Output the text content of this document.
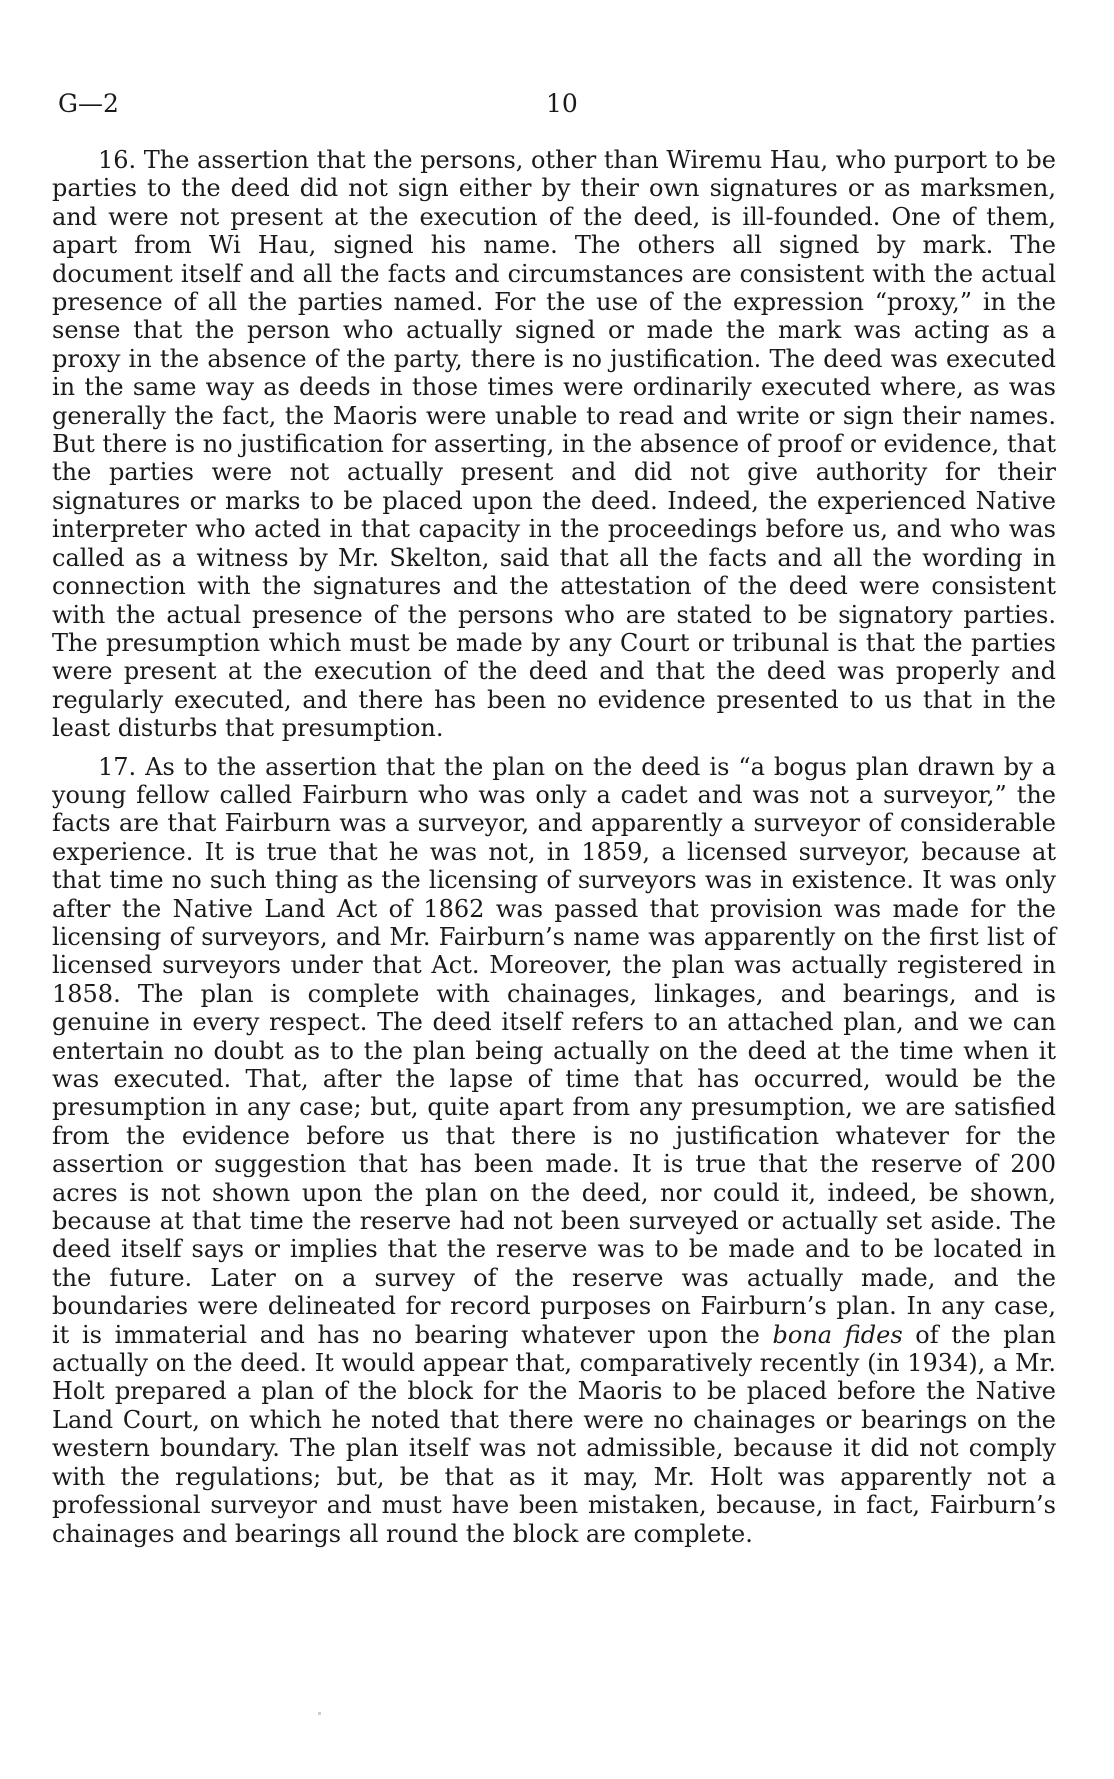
G—2	10

16. The assertion that the persons, other than Wiremu Hau, who purport to be parties to the deed did not sign either by their own signatures or as marksmen, and were not present at the execution of the deed, is ill-founded. One of them, apart from Wi Hau, signed his name. The others all signed by mark. The document itself and all the facts and circumstances are consistent with the actual presence of all the parties named. For the use of the expression “proxy,” in the sense that the person who actually signed or made the mark was acting as a proxy in the absence of the party, there is no justification. The deed was executed in the same way as deeds in those times were ordinarily executed where, as was generally the fact, the Maoris were unable to read and write or sign their names. But there is no justification for asserting, in the absence of proof or evidence, that the parties were not actually present and did not give authority for their signatures or marks to be placed upon the deed. Indeed, the experienced Native interpreter who acted in that capacity in the proceedings before us, and who was called as a witness by Mr. Skelton, said that all the facts and all the wording in connection with the signatures and the attestation of the deed were consistent with the actual presence of the persons who are stated to be signatory parties. The presumption which must be made by any Court or tribunal is that the parties were present at the execution of the deed and that the deed was properly and regularly executed, and there has been no evidence presented to us that in the least disturbs that presumption.

17. As to the assertion that the plan on the deed is “a bogus plan drawn by a young fellow called Fairburn who was only a cadet and was not a surveyor,” the facts are that Fairburn was a surveyor, and apparently a surveyor of considerable experience. It is true that he was not, in 1859, a licensed surveyor, because at that time no such thing as the licensing of surveyors was in existence. It was only after the Native Land Act of 1862 was passed that provision was made for the licensing of surveyors, and Mr. Fairburn’s name was apparently on the first list of licensed surveyors under that Act. Moreover, the plan was actually registered in 1858. The plan is complete with chainages, linkages, and bearings, and is genuine in every respect. The deed itself refers to an attached plan, and we can entertain no doubt as to the plan being actually on the deed at the time when it was executed. That, after the lapse of time that has occurred, would be the presumption in any case; but, quite apart from any presumption, we are satisfied from the evidence before us that there is no justification whatever for the assertion or suggestion that has been made. It is true that the reserve of 200 acres is not shown upon the plan on the deed, nor could it, indeed, be shown, because at that time the reserve had not been surveyed or actually set aside. The deed itself says or implies that the reserve was to be made and to be located in the future. Later on a survey of the reserve was actually made, and the boundaries were delineated for record purposes on Fairburn’s plan. In any case, it is immaterial and has no bearing whatever upon the bona fides of the plan actually on the deed. It would appear that, comparatively recently (in 1934), a Mr. Holt prepared a plan of the block for the Maoris to be placed before the Native Land Court, on which he noted that there were no chainages or bearings on the western boundary. The plan itself was not admissible, because it did not comply with the regulations; but, be that as it may, Mr. Holt was apparently not a professional surveyor and must have been mistaken, because, in fact, Fairburn’s chainages and bearings all round the block are complete.
